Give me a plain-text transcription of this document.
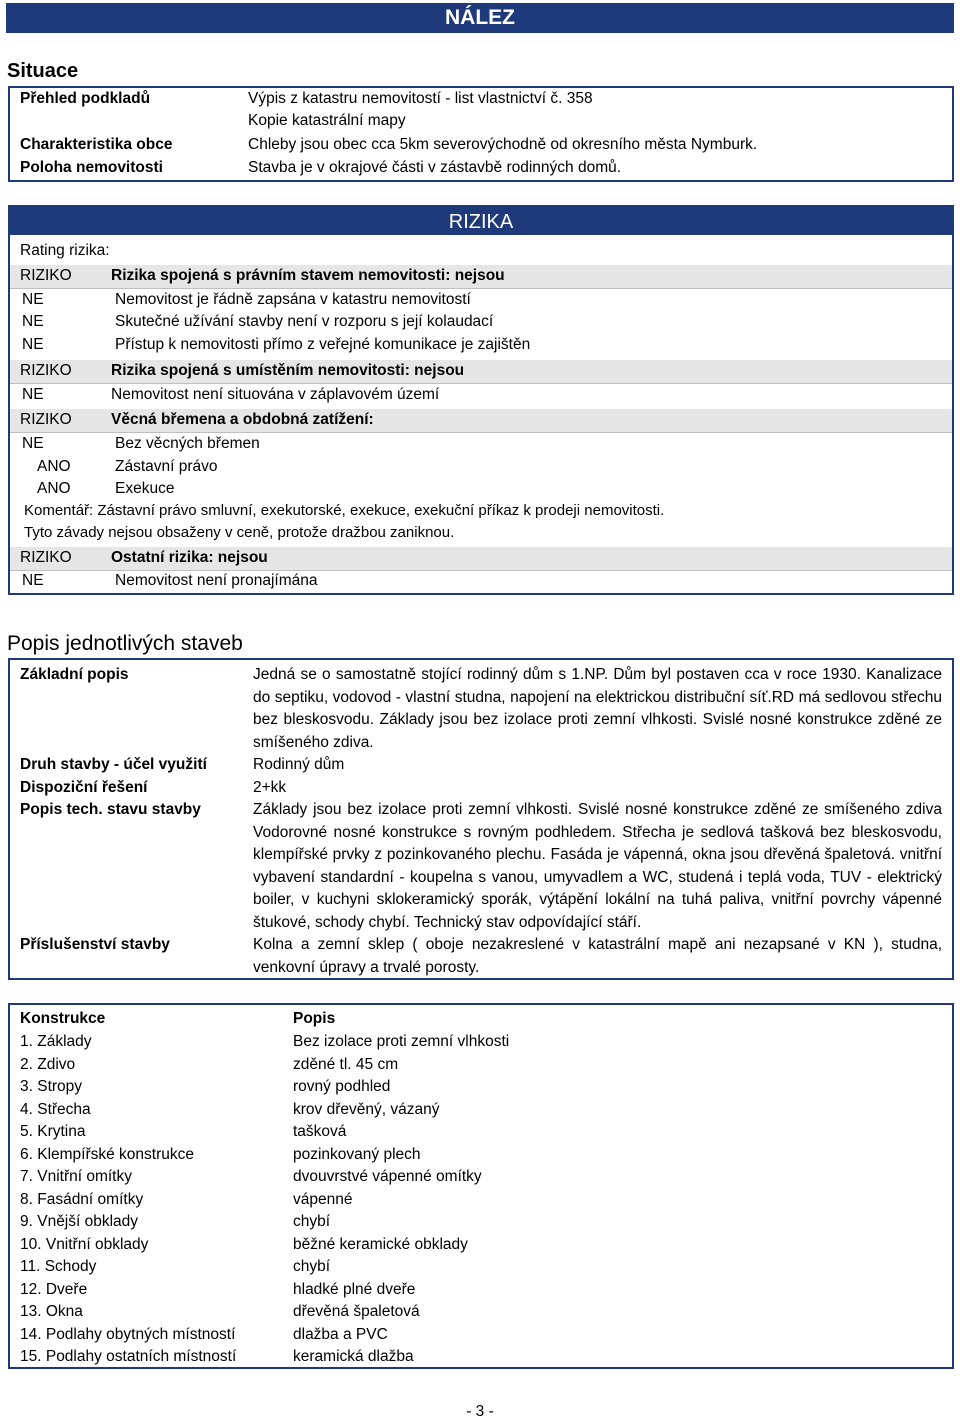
NÁLEZ
Situace
Přehled podkladů	Výpis z katastru nemovitostí - list vlastnictví č. 358
Kopie katastrální mapy
Charakteristika obce	Chleby jsou obec cca 5km severovýchodně od okresního města Nymburk.
Poloha nemovitosti	Stavba je v okrajové části v zástavbě rodinných domů.
RIZIKA
Rating rizika:
RIZIKO	Rizika spojená s právním stavem nemovitosti: nejsou
NE	Nemovitost je řádně zapsána v katastru nemovitostí
NE	Skutečné užívání stavby není v rozporu s její kolaudací
NE	Přístup k nemovitosti přímo z veřejné komunikace je zajištěn
RIZIKO	Rizika spojená s umístěním nemovitosti: nejsou
NE	Nemovitost není situována v záplavovém území
RIZIKO	Věcná břemena a obdobná zatížení:
NE	Bez věcných břemen
ANO	Zástavní právo
ANO	Exekuce
Komentář: Zástavní právo smluvní, exekutorské, exekuce, exekuční příkaz k prodeji nemovitosti.
Tyto závady nejsou obsaženy v ceně, protože dražbou zaniknou.
RIZIKO	Ostatní rizika: nejsou
NE	Nemovitost není pronajímána
Popis jednotlivých staveb
Základní popis	Jedná se o samostatně stojící rodinný dům s 1.NP. Dům byl postaven cca v roce 1930. Kanalizace do septiku, vodovod - vlastní studna, napojení na elektrickou distribuční síť.RD má sedlovou střechu bez bleskosvodu. Základy jsou bez izolace proti zemní vlhkosti. Svislé nosné konstrukce zděné ze smíšeného zdiva.
Druh stavby - účel využití	Rodinný dům
Dispoziční řešení	2+kk
Popis tech. stavu stavby	Základy jsou bez izolace proti zemní vlhkosti. Svislé nosné konstrukce zděné ze smíšeného zdiva Vodorovné nosné konstrukce s rovným podhledem. Střecha je sedlová tašková bez bleskosvodu, klempířské prvky z pozinkovaného plechu. Fasáda je vápenná, okna jsou dřevěná špaletová. vnitřní vybavení standardní - koupelna s vanou, umyvadlem a WC, studená i teplá voda, TUV - elektrický boiler, v kuchyni sklokeramický sporák, výtápění lokální na tuhá paliva, vnitřní povrchy vápenné štukové, schody chybí. Technický stav odpovídající stáří.
Příslušenství stavby	Kolna a zemní sklep ( oboje nezakreslené v katastrální mapě ani nezapsané v KN ), studna, venkovní úpravy a trvalé porosty.
Konstrukce	Popis
1. Základy	Bez izolace proti zemní vlhkosti
2. Zdivo	zděné tl. 45 cm
3. Stropy	rovný podhled
4. Střecha	krov dřevěný, vázaný
5. Krytina	tašková
6. Klempířské konstrukce	pozinkovaný plech
7. Vnitřní omítky	dvouvrstvé vápenné omítky
8. Fasádní omítky	vápenné
9. Vnější obklady	chybí
10. Vnitřní obklady	běžné keramické obklady
11. Schody	chybí
12. Dveře	hladké plné dveře
13. Okna	dřevěná špaletová
14. Podlahy obytných místností	dlažba a PVC
15. Podlahy ostatních místností	keramická dlažba
- 3 -
